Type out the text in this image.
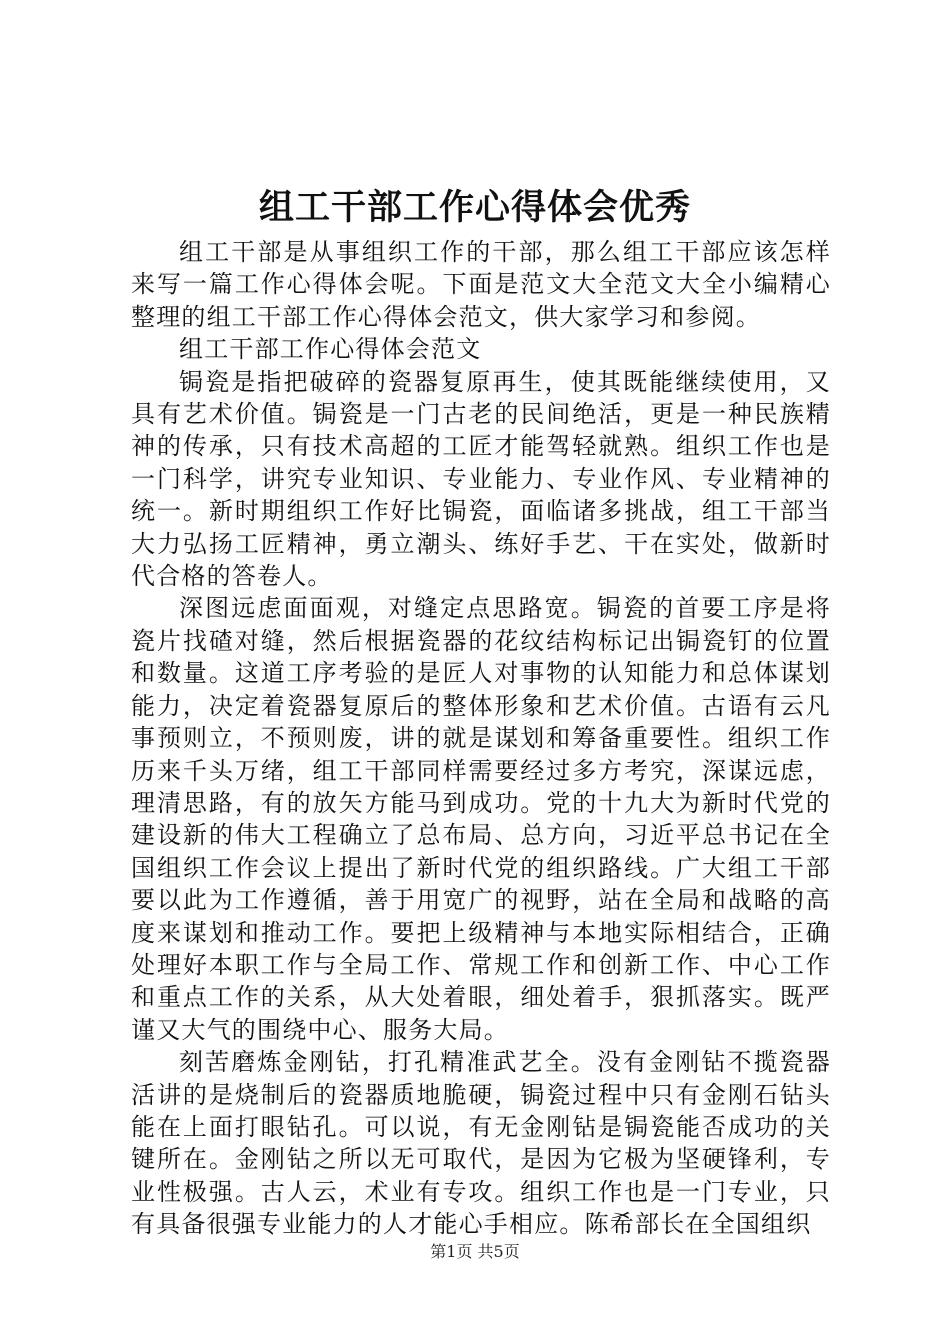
组工干部工作心得体会优秀

组工干部是从事组织工作的干部，那么组工干部应该怎样来写一篇工作心得体会呢。下面是范文大全范文大全小编精心整理的组工干部工作心得体会范文，供大家学习和参阅。

组工干部工作心得体会范文

锔瓷是指把破碎的瓷器复原再生，使其既能继续使用，又具有艺术价值。锔瓷是一门古老的民间绝活，更是一种民族精神的传承，只有技术高超的工匠才能驾轻就熟。组织工作也是一门科学，讲究专业知识、专业能力、专业作风、专业精神的统一。新时期组织工作好比锔瓷，面临诸多挑战，组工干部当大力弘扬工匠精神，勇立潮头、练好手艺、干在实处，做新时代合格的答卷人。

深图远虑面面观，对缝定点思路宽。锔瓷的首要工序是将瓷片找碴对缝，然后根据瓷器的花纹结构标记出锔瓷钉的位置和数量。这道工序考验的是匠人对事物的认知能力和总体谋划能力，决定着瓷器复原后的整体形象和艺术价值。古语有云凡事预则立，不预则废，讲的就是谋划和筹备重要性。组织工作历来千头万绪，组工干部同样需要经过多方考究，深谋远虑，理清思路，有的放矢方能马到成功。党的十九大为新时代党的建设新的伟大工程确立了总布局、总方向，习近平总书记在全国组织工作会议上提出了新时代党的组织路线。广大组工干部要以此为工作遵循，善于用宽广的视野，站在全局和战略的高度来谋划和推动工作。要把上级精神与本地实际相结合，正确处理好本职工作与全局工作、常规工作和创新工作、中心工作和重点工作的关系，从大处着眼，细处着手，狠抓落实。既严谨又大气的围绕中心、服务大局。

刻苦磨炼金刚钻，打孔精准武艺全。没有金刚钻不揽瓷器活讲的是烧制后的瓷器质地脆硬，锔瓷过程中只有金刚石钻头能在上面打眼钻孔。可以说，有无金刚钻是锔瓷能否成功的关键所在。金刚钻之所以无可取代，是因为它极为坚硬锋利，专业性极强。古人云，术业有专攻。组织工作也是一门专业，只有具备很强专业能力的人才能心手相应。陈希部长在全国组织

第1页 共5页
